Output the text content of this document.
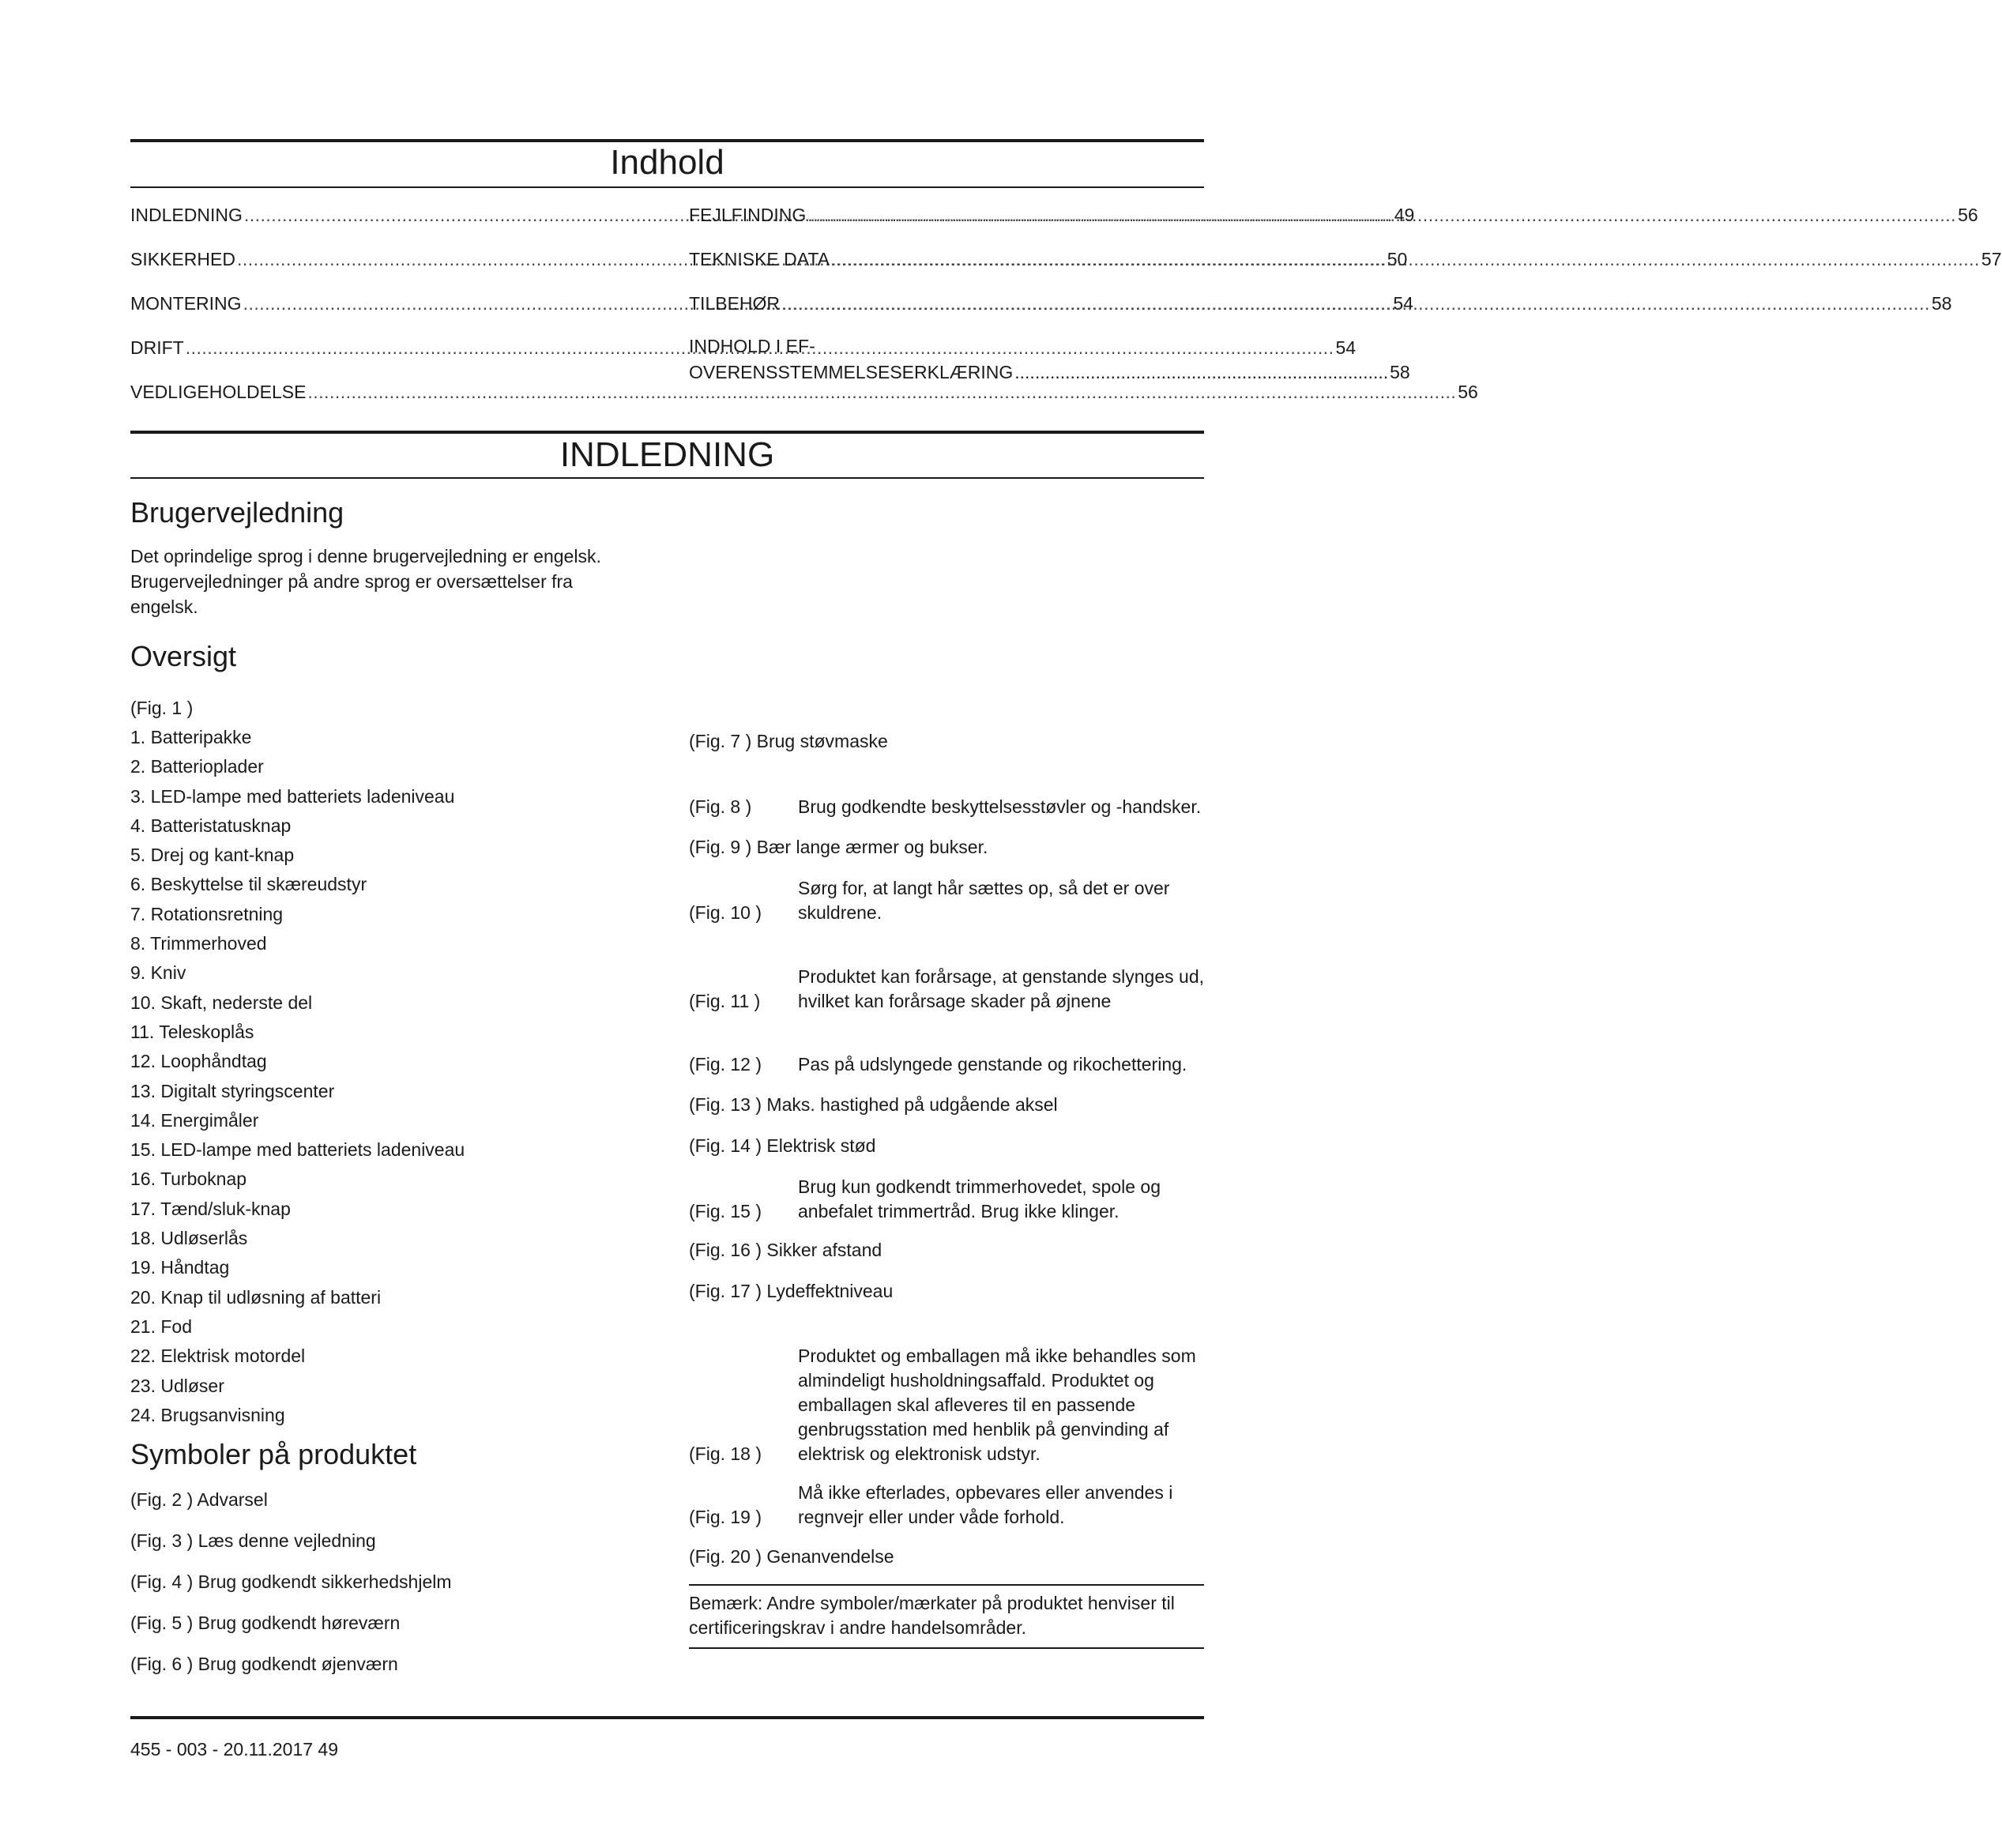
Indhold
INDLEDNING .....	49
SIKKERHED .....	50
MONTERING .....	54
DRIFT .....	54
VEDLIGEHOLDELSE .....	56
FEJLFINDING .....	56
TEKNISKE DATA .....	57
TILBEHØR .....	58
INDHOLD I EF-
OVERENSSTEMMELSESERKLÆRING .......................................................................... 58
INDLEDNING
Brugervejledning
Det oprindelige sprog i denne brugervejledning er engelsk. Brugervejledninger på andre sprog er oversættelser fra engelsk.
Oversigt
(Fig. 1 )
1. Batteripakke
2. Batterioplader
3. LED-lampe med batteriets ladeniveau
4. Batteristatusknap
5. Drej og kant-knap
6. Beskyttelse til skæreudstyr
7. Rotationsretning
8. Trimmerhoved
9. Kniv
10. Skaft, nederste del
11. Teleskoplås
12. Loophåndtag
13. Digitalt styringscenter
14. Energimåler
15. LED-lampe med batteriets ladeniveau
16. Turboknap
17. Tænd/sluk-knap
18. Udløserlås
19. Håndtag
20. Knap til udløsning af batteri
21. Fod
22. Elektrisk motordel
23. Udløser
24. Brugsanvisning
Symboler på produktet
(Fig. 2 ) Advarsel
(Fig. 3 ) Læs denne vejledning
(Fig. 4 ) Brug godkendt sikkerhedshjelm
(Fig. 5 ) Brug godkendt høreværn
(Fig. 6 ) Brug godkendt øjenværn
(Fig. 7 ) Brug støvmaske
(Fig. 8 )	Brug godkendte beskyttelsesstøvler og -handsker.
(Fig. 9 ) Bær lange ærmer og bukser.
(Fig. 10 )
Sørg for, at langt hår sættes op, så det er over skuldrene.
(Fig. 11 )
Produktet kan forårsage, at genstande slynges ud, hvilket kan forårsage skader på øjnene
(Fig. 12 ) Pas på udslyngede genstande og rikochettering.
(Fig. 13 ) Maks. hastighed på udgående aksel
(Fig. 14 ) Elektrisk stød
(Fig. 15 )
Brug kun godkendt trimmerhovedet, spole og anbefalet trimmertråd. Brug ikke klinger.
(Fig. 16 ) Sikker afstand
(Fig. 17 ) Lydeffektniveau
(Fig. 18 )
Produktet og emballagen må ikke behandles som almindeligt husholdningsaffald. Produktet og emballagen skal afleveres til en passende genbrugsstation med henblik på genvinding af elektrisk og elektronisk udstyr.
(Fig. 19 )
Må ikke efterlades, opbevares eller anvendes i regnvejr eller under våde forhold.
(Fig. 20 ) Genanvendelse
Bemærk: Andre symboler/mærkater på produktet henviser til certificeringskrav i andre handelsområder.
455 - 003 - 20.11.2017 49
